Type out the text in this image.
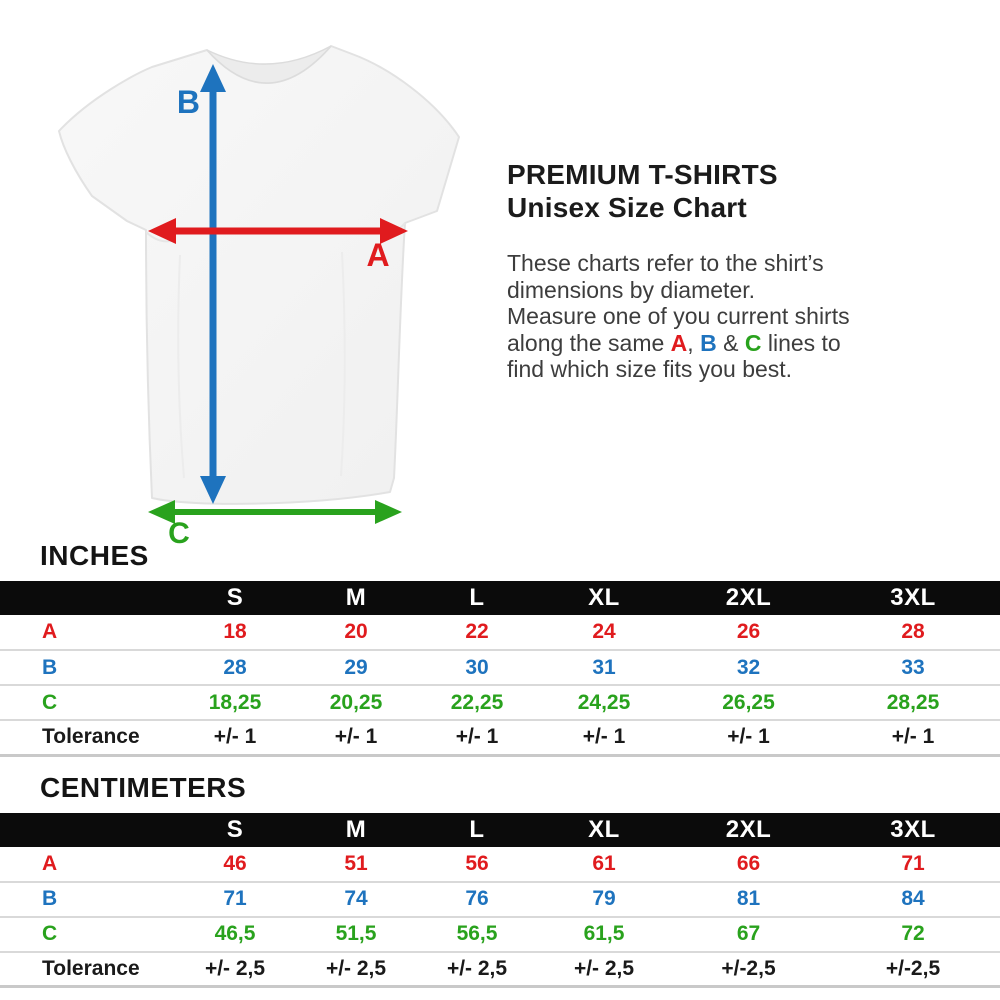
B
A
C
PREMIUM T-SHIRTS
Unisex Size Chart
These charts refer to the shirt’s
dimensions by diameter.
Measure one of you current shirts
along the same A, B & C lines to
find which size fits you best.
INCHES
	S	M	L	XL	2XL	3XL
A	18	20	22	24	26	28
B	28	29	30	31	32	33
C	18,25	20,25	22,25	24,25	26,25	28,25
Tolerance	+/- 1	+/- 1	+/- 1	+/- 1	+/- 1	+/- 1
CENTIMETERS
	S	M	L	XL	2XL	3XL
A	46	51	56	61	66	71
B	71	74	76	79	81	84
C	46,5	51,5	56,5	61,5	67	72
Tolerance	+/- 2,5	+/- 2,5	+/- 2,5	+/- 2,5	+/-2,5	+/-2,5
